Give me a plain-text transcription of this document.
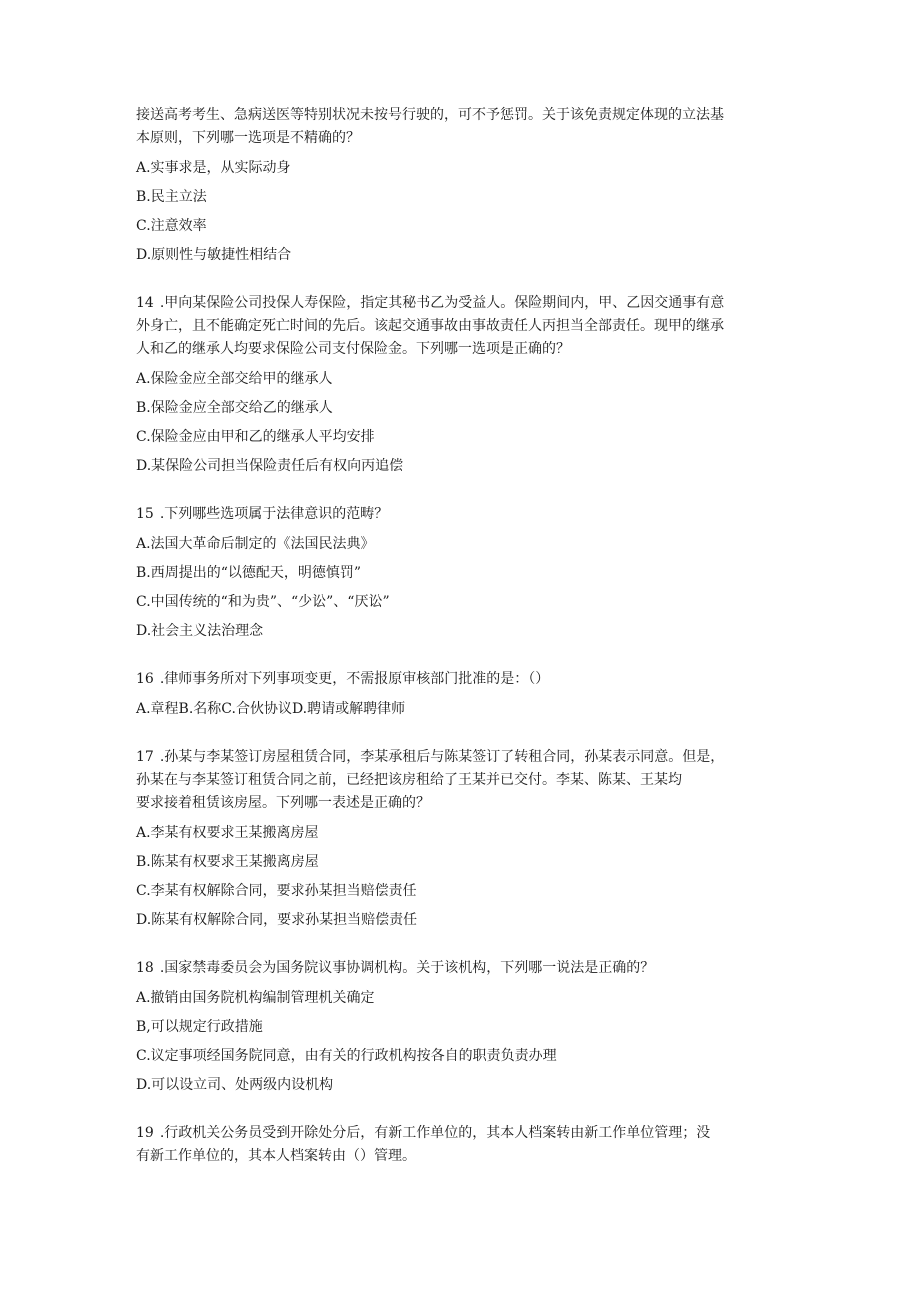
接送高考考生、急病送医等特别状况未按号行驶的，可不予惩罚。关于该免责规定体现的立法基
本原则，下列哪一选项是不精确的？

A.实事求是，从实际动身

B.民主立法

C.注意效率

D.原则性与敏捷性相结合

14 .甲向某保险公司投保人寿保险，指定其秘书乙为受益人。保险期间内，甲、乙因交通事有意
外身亡，且不能确定死亡时间的先后。该起交通事故由事故责任人丙担当全部责任。现甲的继承
人和乙的继承人均要求保险公司支付保险金。下列哪一选项是正确的？

A.保险金应全部交给甲的继承人

B.保险金应全部交给乙的继承人

C.保险金应由甲和乙的继承人平均安排

D.某保险公司担当保险责任后有权向丙追偿

15 .下列哪些选项属于法律意识的范畴？

A.法国大革命后制定的《法国民法典》

B.西周提出的“以德配天，明德慎罚”

C.中国传统的“和为贵”、“少讼”、“厌讼”

D.社会主义法治理念

16 .律师事务所对下列事项变更，不需报原审核部门批准的是：（）

A.章程B.名称C.合伙协议D.聘请或解聘律师

17 .孙某与李某签订房屋租赁合同，李某承租后与陈某签订了转租合同，孙某表示同意。但是，
孙某在与李某签订租赁合同之前，已经把该房租给了王某并已交付。李某、陈某、王某均
要求接着租赁该房屋。下列哪一表述是正确的？

A.李某有权要求王某搬离房屋

B.陈某有权要求王某搬离房屋

C.李某有权解除合同，要求孙某担当赔偿责任

D.陈某有权解除合同，要求孙某担当赔偿责任

18 .国家禁毒委员会为国务院议事协调机构。关于该机构，下列哪一说法是正确的？

A.撤销由国务院机构编制管理机关确定

B,可以规定行政措施

C.议定事项经国务院同意，由有关的行政机构按各自的职责负责办理

D.可以设立司、处两级内设机构

19 .行政机关公务员受到开除处分后，有新工作单位的，其本人档案转由新工作单位管理；没
有新工作单位的，其本人档案转由（）管理。
